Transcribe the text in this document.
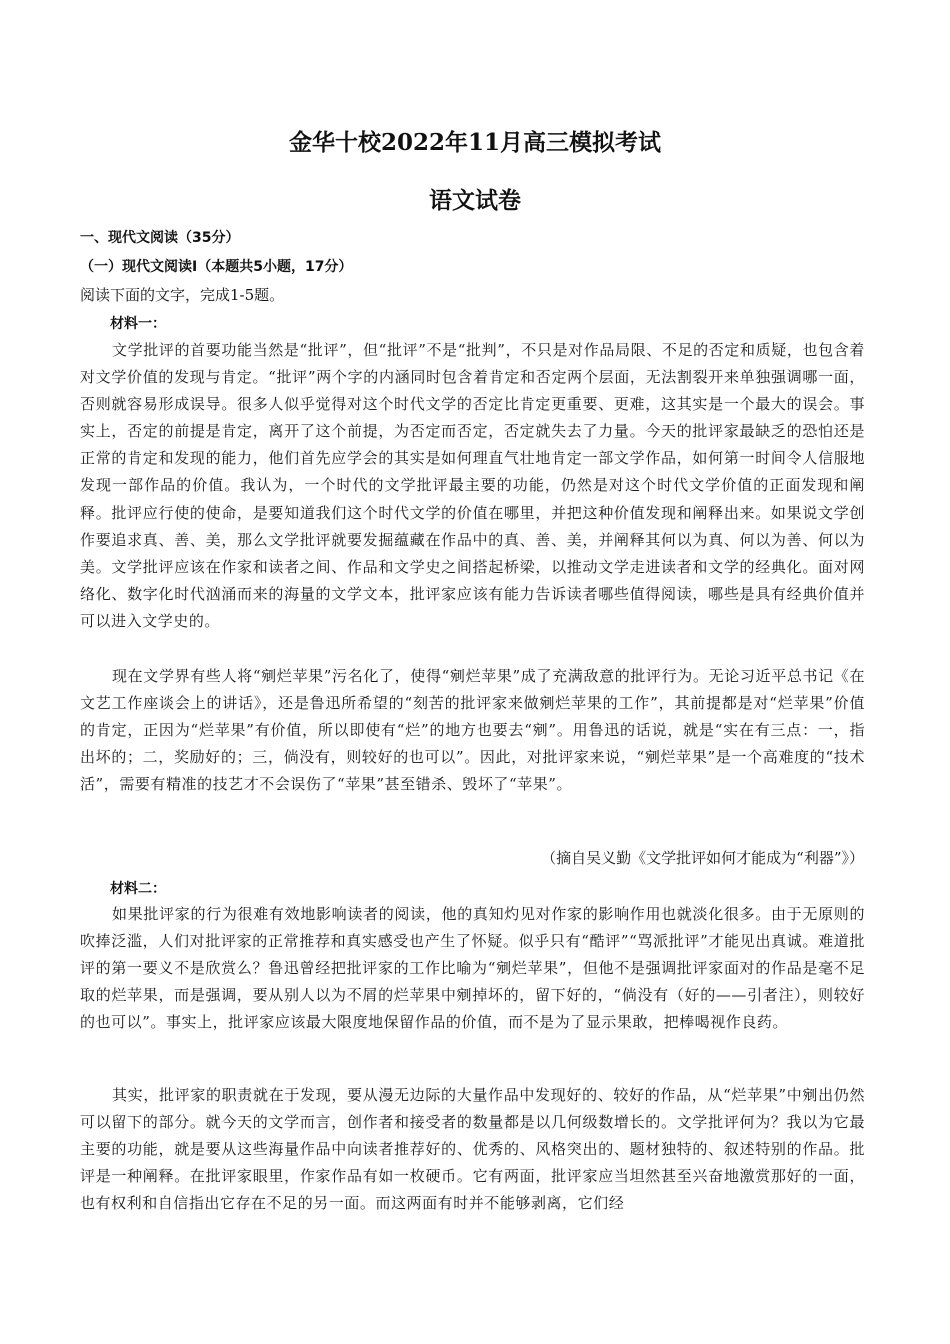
金华十校2022年11月高三模拟考试
语文试卷
一、现代文阅读（35分）
（一）现代文阅读Ⅰ（本题共5小题，17分）
阅读下面的文字，完成1-5题。
材料一：

文学批评的首要功能当然是“批评”，但“批评”不是“批判”，不只是对作品局限、不足的否定和质疑，也包含着对文学价值的发现与肯定。“批评”两个字的内涵同时包含着肯定和否定两个层面，无法割裂开来单独强调哪一面，否则就容易形成误导。很多人似乎觉得对这个时代文学的否定比肯定更重要、更难，这其实是一个最大的误会。事实上，否定的前提是肯定，离开了这个前提，为否定而否定，否定就失去了力量。今天的批评家最缺乏的恐怕还是正常的肯定和发现的能力，他们首先应学会的其实是如何理直气壮地肯定一部文学作品，如何第一时间令人信服地发现一部作品的价值。我认为，一个时代的文学批评最主要的功能，仍然是对这个时代文学价值的正面发现和阐释。批评应行使的使命，是要知道我们这个时代文学的价值在哪里，并把这种价值发现和阐释出来。如果说文学创作要追求真、善、美，那么文学批评就要发掘蕴藏在作品中的真、善、美，并阐释其何以为真、何以为善、何以为美。文学批评应该在作家和读者之间、作品和文学史之间搭起桥梁，以推动文学走进读者和文学的经典化。面对网络化、数字化时代汹涌而来的海量的文学文本，批评家应该有能力告诉读者哪些值得阅读，哪些是具有经典价值并可以进入文学史的。

现在文学界有些人将“剜烂苹果”污名化了，使得“剜烂苹果”成了充满敌意的批评行为。无论习近平总书记《在文艺工作座谈会上的讲话》，还是鲁迅所希望的“刻苦的批评家来做剜烂苹果的工作”，其前提都是对“烂苹果”价值的肯定，正因为“烂苹果”有价值，所以即使有“烂”的地方也要去“剜”。用鲁迅的话说，就是“实在有三点：一，指出坏的；二，奖励好的；三，倘没有，则较好的也可以”。因此，对批评家来说，“剜烂苹果”是一个高难度的“技术活”，需要有精准的技艺才不会误伤了“苹果”甚至错杀、毁坏了“苹果”。

（摘自吴义勤《文学批评如何才能成为“利器”》）
材料二：

如果批评家的行为很难有效地影响读者的阅读，他的真知灼见对作家的影响作用也就淡化很多。由于无原则的吹捧泛滥，人们对批评家的正常推荐和真实感受也产生了怀疑。似乎只有“酷评”“骂派批评”才能见出真诚。难道批评的第一要义不是欣赏么？鲁迅曾经把批评家的工作比喻为“剜烂苹果”，但他不是强调批评家面对的作品是毫不足取的烂苹果，而是强调，要从别人以为不屑的烂苹果中剜掉坏的，留下好的，“倘没有（好的——引者注），则较好的也可以”。事实上，批评家应该最大限度地保留作品的价值，而不是为了显示果敢，把棒喝视作良药。

其实，批评家的职责就在于发现，要从漫无边际的大量作品中发现好的、较好的作品，从“烂苹果”中剜出仍然可以留下的部分。就今天的文学而言，创作者和接受者的数量都是以几何级数增长的。文学批评何为？我以为它最主要的功能，就是要从这些海量作品中向读者推荐好的、优秀的、风格突出的、题材独特的、叙述特别的作品。批评是一种阐释。在批评家眼里，作家作品有如一枚硬币。它有两面，批评家应当坦然甚至兴奋地激赏那好的一面，也有权利和自信指出它存在不足的另一面。而这两面有时并不能够剥离，它们经
